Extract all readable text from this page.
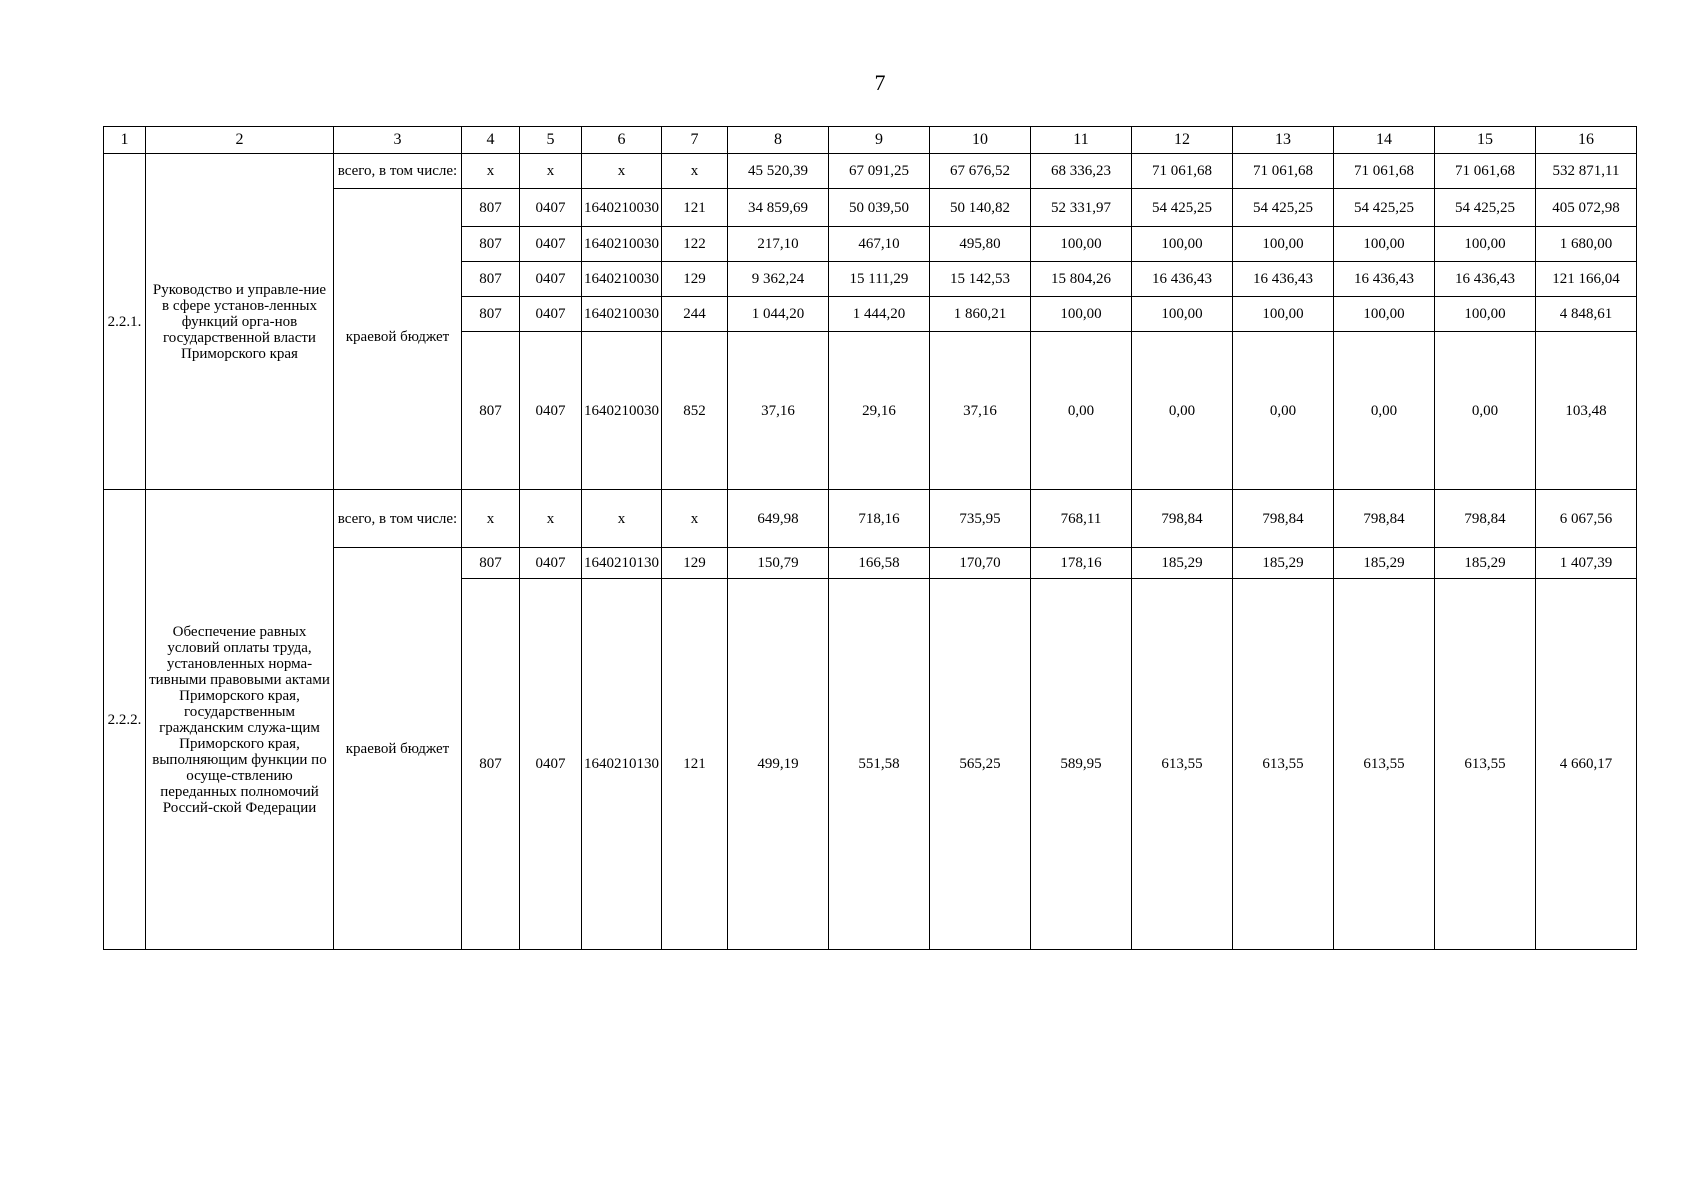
7
1	2	3	4	5	6	7	8	9	10	11	12	13	14	15	16
2.2.1.	Руководство и управле-ние в сфере установ-ленных функций орга-нов государственной власти Приморского края	всего, в том числе:	x	x	x	x	45 520,39	67 091,25	67 676,52	68 336,23	71 061,68	71 061,68	71 061,68	71 061,68	532 871,11
		краевой бюджет	807	0407	1640210030	121	34 859,69	50 039,50	50 140,82	52 331,97	54 425,25	54 425,25	54 425,25	54 425,25	405 072,98
			807	0407	1640210030	122	217,10	467,10	495,80	100,00	100,00	100,00	100,00	100,00	1 680,00
			807	0407	1640210030	129	9 362,24	15 111,29	15 142,53	15 804,26	16 436,43	16 436,43	16 436,43	16 436,43	121 166,04
			807	0407	1640210030	244	1 044,20	1 444,20	1 860,21	100,00	100,00	100,00	100,00	100,00	4 848,61
			807	0407	1640210030	852	37,16	29,16	37,16	0,00	0,00	0,00	0,00	0,00	103,48
2.2.2.	Обеспечение равных условий оплаты труда, установленных норма-тивными правовыми актами Приморского края, государственным гражданским служа-щим Приморского края, выполняющим функции по осуще-ствлению переданных полномочий Россий-ской Федерации	всего, в том числе:	x	x	x	x	649,98	718,16	735,95	768,11	798,84	798,84	798,84	798,84	6 067,56
		краевой бюджет	807	0407	1640210130	129	150,79	166,58	170,70	178,16	185,29	185,29	185,29	185,29	1 407,39
			807	0407	1640210130	121	499,19	551,58	565,25	589,95	613,55	613,55	613,55	613,55	4 660,17
